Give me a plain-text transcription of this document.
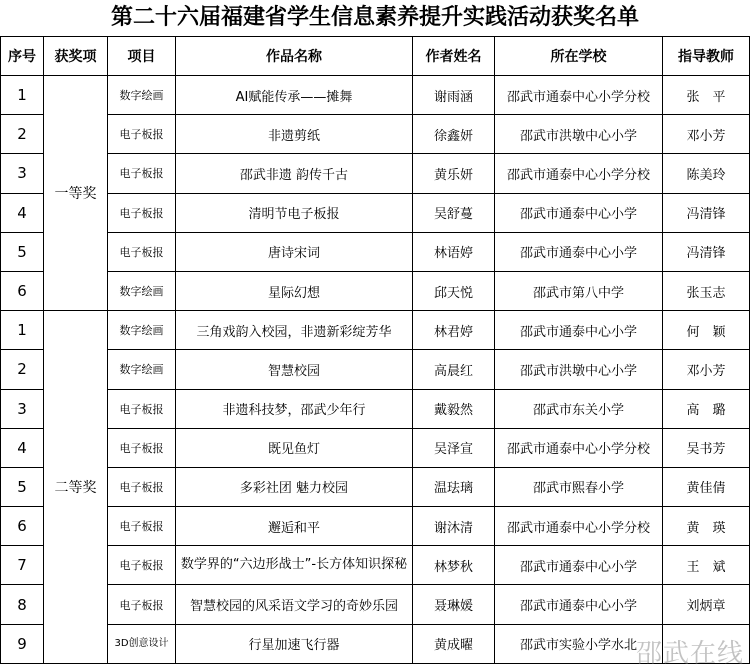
第二十六届福建省学生信息素养提升实践活动获奖名单
序号	获奖项	项目	作品名称	作者姓名	所在学校	指导教师
1	一等奖	数字绘画	AI赋能传承——摊舞	谢雨涵	邵武市通泰中心小学分校	张　平
2		电子板报	非遗剪纸	徐鑫妍	邵武市洪墩中心小学	邓小芳
3		电子板报	邵武非遗 韵传千古	黄乐妍	邵武市通泰中心小学分校	陈美玲
4		电子板报	清明节电子板报	吴舒蔓	邵武市通泰中心小学	冯清锋
5		电子板报	唐诗宋词	林语婷	邵武市通泰中心小学	冯清锋
6		数字绘画	星际幻想	邱天悦	邵武市第八中学	张玉志
1	二等奖	数字绘画	三角戏韵入校园，非遗新彩绽芳华	林君婷	邵武市通泰中心小学	何　颖
2		数字绘画	智慧校园	高晨红	邵武市洪墩中心小学	邓小芳
3		电子板报	非遗科技梦，邵武少年行	戴毅然	邵武市东关小学	高　璐
4		电子板报	既见鱼灯	吴泽宣	邵武市通泰中心小学分校	吴书芳
5		电子板报	多彩社团 魅力校园	温珐璃	邵武市熙春小学	黄佳倩
6		电子板报	邂逅和平	谢沐清	邵武市通泰中心小学分校	黄　瑛
7		电子板报	数学界的“六边形战士”-长方体知识探秘	林梦秋	邵武市通泰中心小学	王　斌
8		电子板报	智慧校园的风采语文学习的奇妙乐园	聂琳媛	邵武市通泰中心小学	刘炳章
9		3D创意设计	行星加速飞行器	黄成曜	邵武市实验小学水北	
邵武在线
